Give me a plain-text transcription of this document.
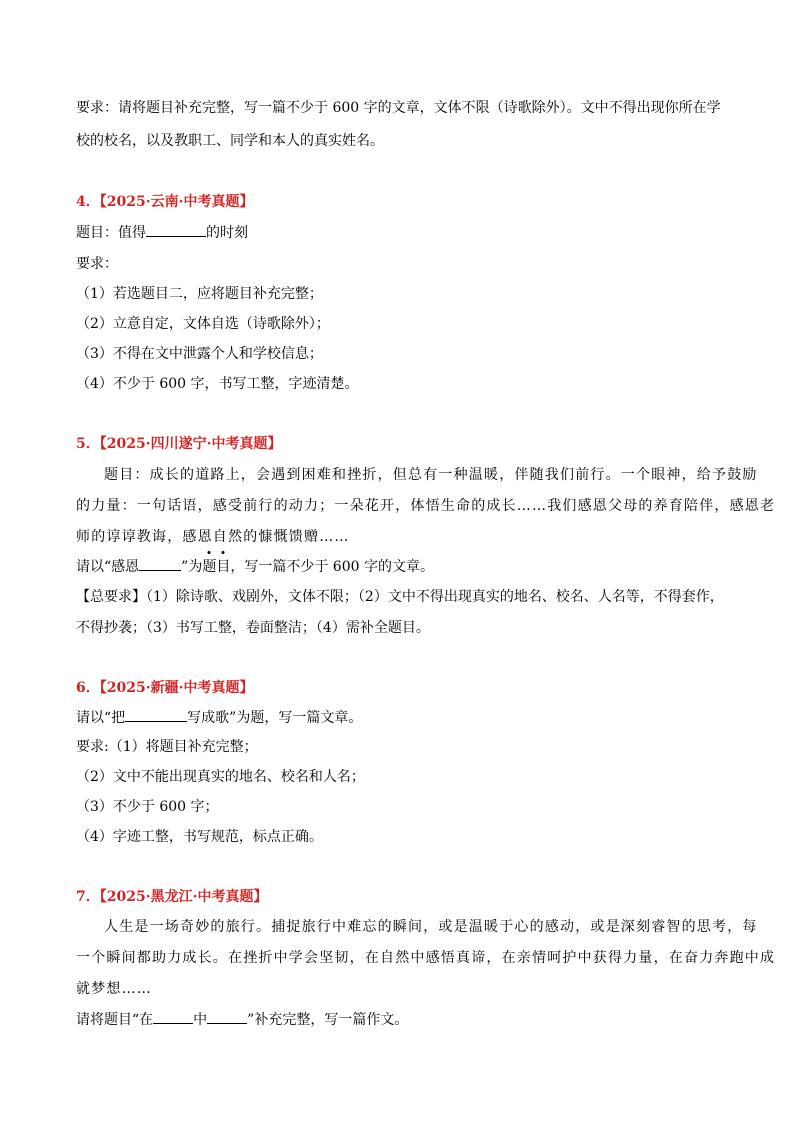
要求：请将题目补充完整，写一篇不少于 600 字的文章，文体不限（诗歌除外）。文中不得出现你所在学
校的校名，以及教职工、同学和本人的真实姓名。
4．【2025·云南·中考真题】
题目：值得	的时刻
要求：
（1）若选题目二，应将题目补充完整；
（2）立意自定，文体自选（诗歌除外）；
（3）不得在文中泄露个人和学校信息；
（4）不少于 600 字，书写工整，字迹清楚。
5．【2025·四川遂宁·中考真题】
题目：成长的道路上，会遇到困难和挫折，但总有一种温暖，伴随我们前行。一个眼神，给予鼓励
的力量：一句话语，感受前行的动力；一朵花开，体悟生命的成长……我们感恩父母的养育陪伴，感恩老
师的谆谆教诲，感恩自然的慷慨馈赠……
请以“感恩	”为题目，写一篇不少于 600 字的文章。
【总要求】（1）除诗歌、戏剧外，文体不限；（2）文中不得出现真实的地名、校名、人名等，不得套作，
不得抄袭；（3）书写工整，卷面整洁；（4）需补全题目。
6．【2025·新疆·中考真题】
请以“把	写成歌”为题，写一篇文章。
要求:（1）将题目补充完整；
（2）文中不能出现真实的地名、校名和人名；
（3）不少于 600 字；
（4）字迹工整，书写规范，标点正确。
7．【2025·黑龙江·中考真题】
人生是一场奇妙的旅行。捕捉旅行中难忘的瞬间，或是温暖于心的感动，或是深刻睿智的思考，每
一个瞬间都助力成长。在挫折中学会坚韧，在自然中感悟真谛，在亲情呵护中获得力量，在奋力奔跑中成
就梦想……
请将题目“在	中	”补充完整，写一篇作文。
